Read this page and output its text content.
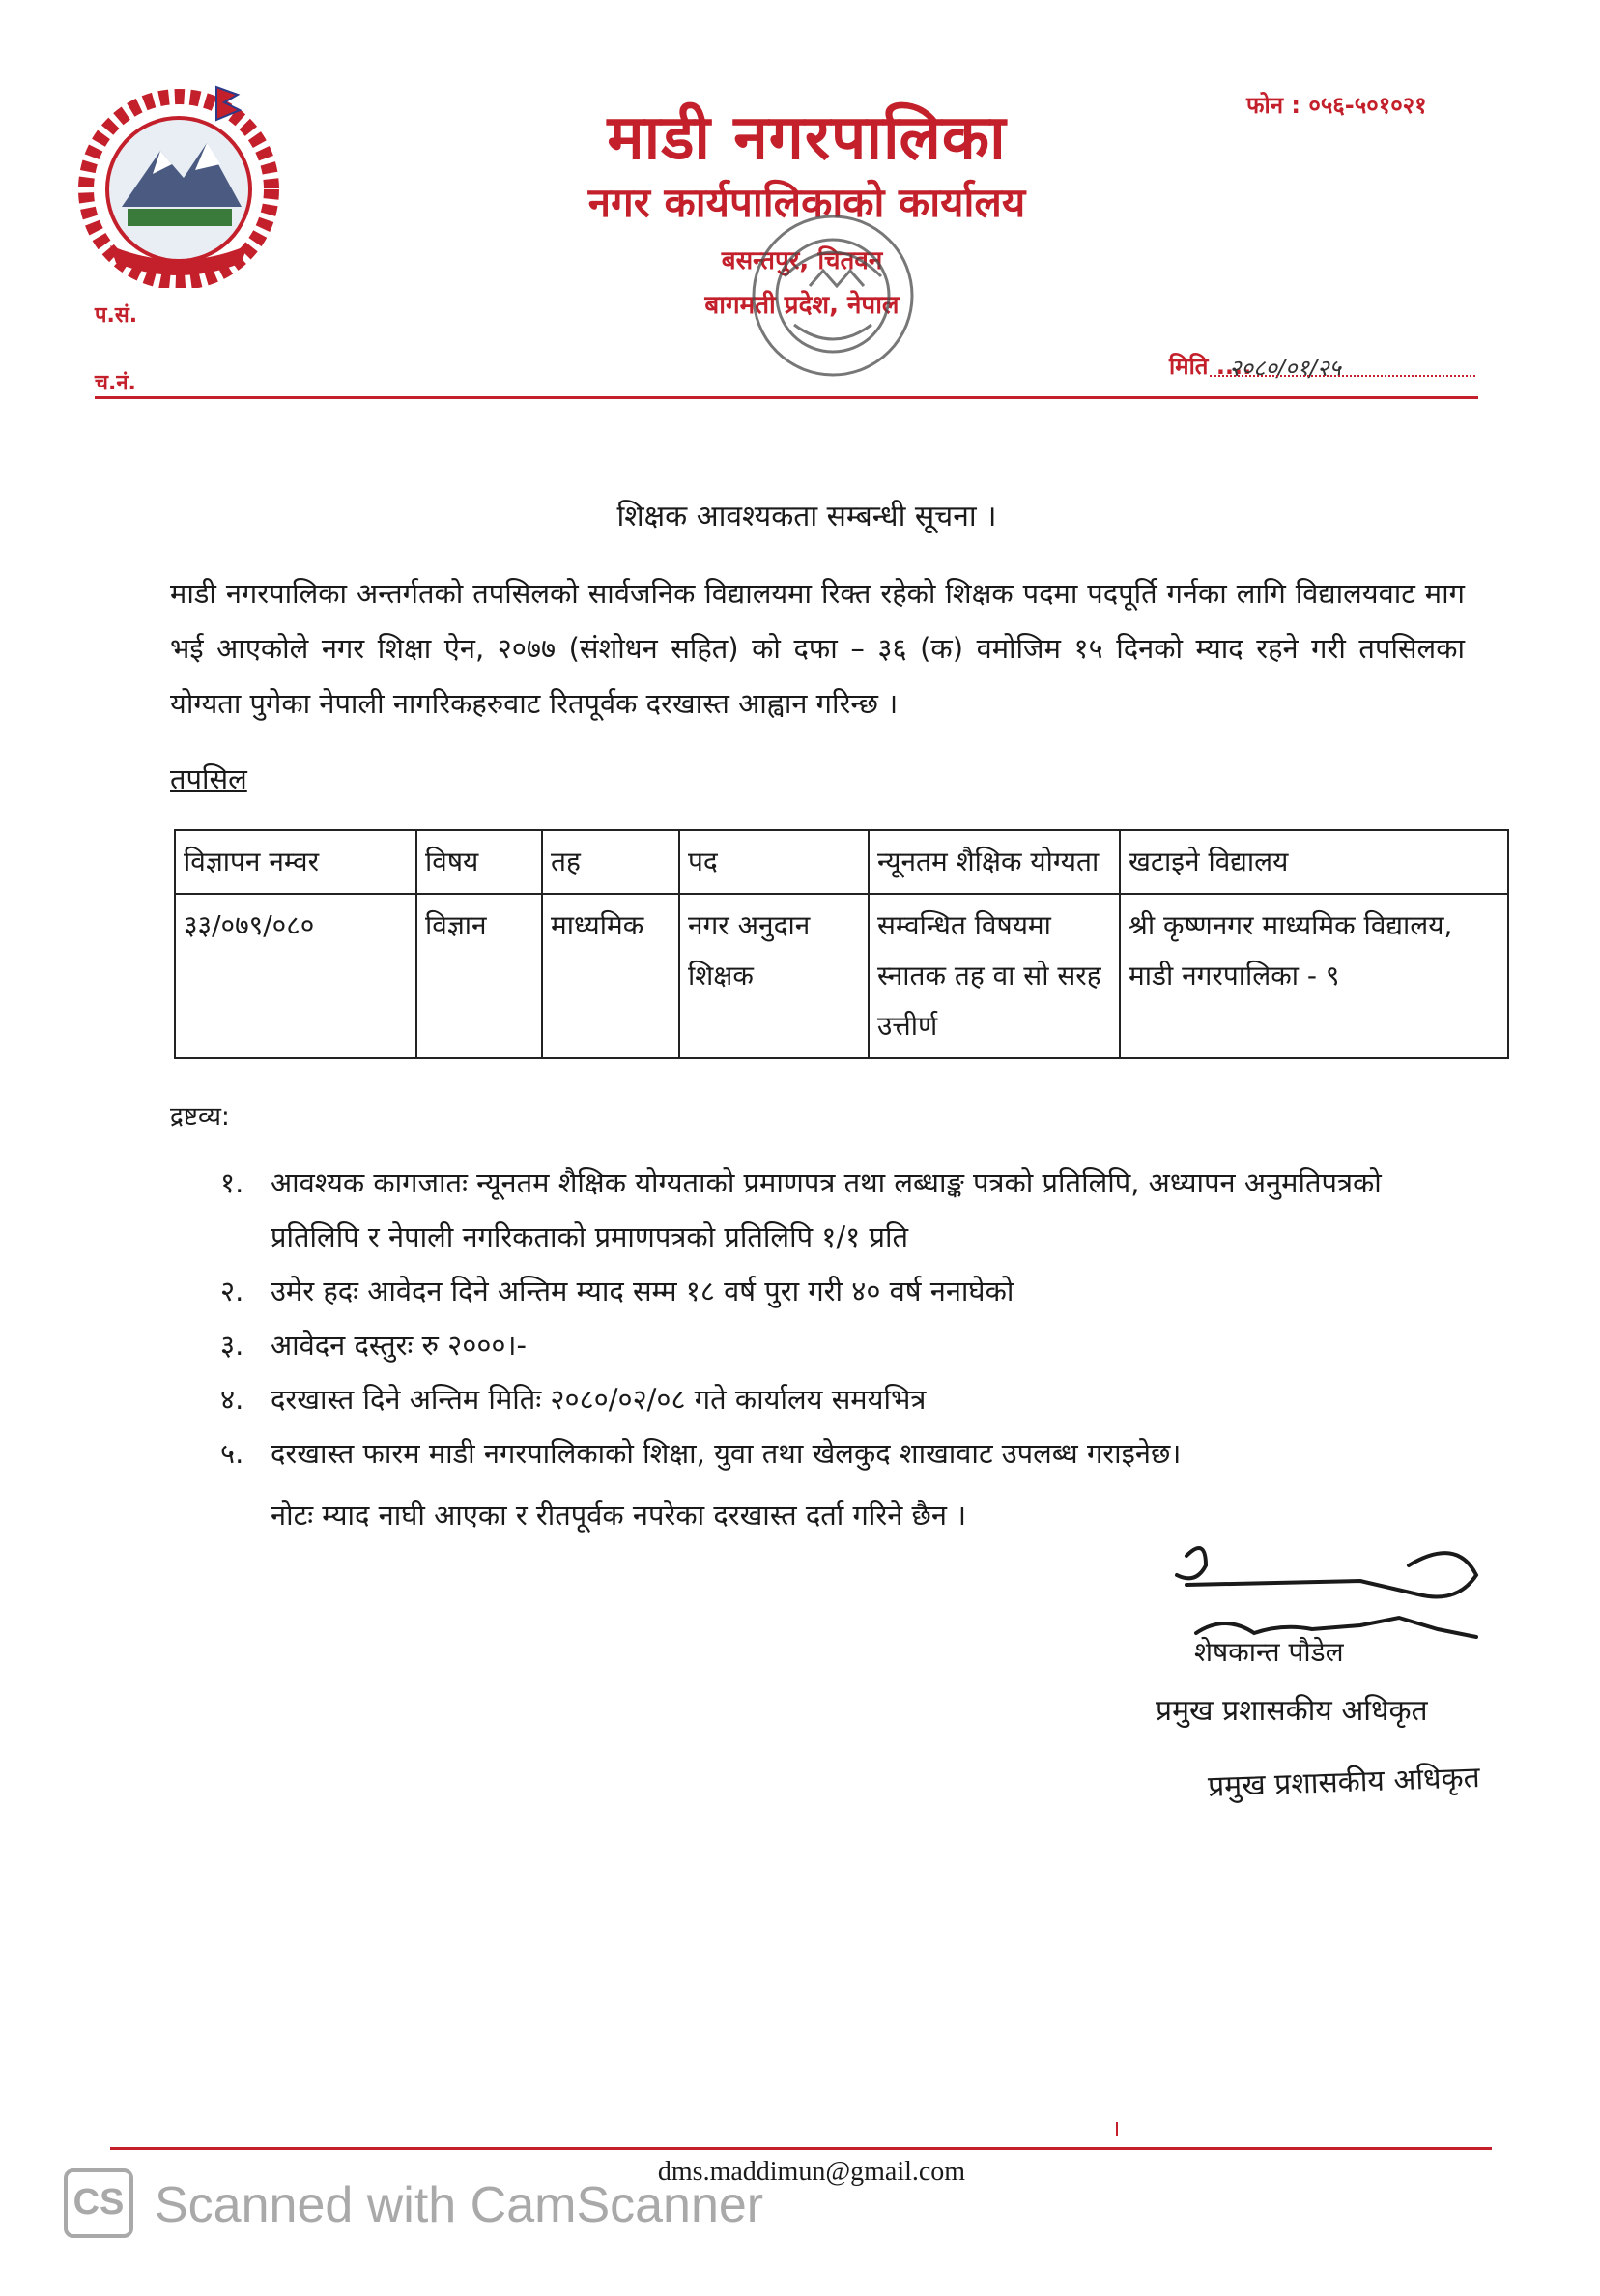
माडी नगरपालिका
नगर कार्यपालिकाको कार्यालय
बसन्तपुर, चितवन
बागमती प्रदेश, नेपाल
फोन : ०५६-५०१०२१
प.सं.
च.नं.
मिति ....
२०८०/०१/२५
शिक्षक आवश्यकता सम्बन्धी सूचना ।
माडी नगरपालिका अन्तर्गतको तपसिलको सार्वजनिक विद्यालयमा रिक्त रहेको शिक्षक पदमा पदपूर्ति गर्नका लागि विद्यालयवाट माग भई आएकोले नगर शिक्षा ऐन, २०७७ (संशोधन सहित) को दफा – ३६ (क) वमोजिम १५ दिनको म्याद रहने गरी तपसिलका योग्यता पुगेका नेपाली नागरिकहरुवाट रितपूर्वक दरखास्त आह्वान गरिन्छ ।
तपसिल
विज्ञापन नम्वर	विषय	तह	पद	न्यूनतम शैक्षिक योग्यता	खटाइने विद्यालय
३३/०७९/०८०	विज्ञान	माध्यमिक	नगर अनुदान शिक्षक	सम्वन्धित विषयमा स्नातक तह वा सो सरह उत्तीर्ण	श्री कृष्णनगर माध्यमिक विद्यालय, माडी नगरपालिका - ९
द्रष्टव्य:
१. आवश्यक कागजातः न्यूनतम शैक्षिक योग्यताको प्रमाणपत्र तथा लब्धाङ्क पत्रको प्रतिलिपि, अध्यापन अनुमतिपत्रको प्रतिलिपि र नेपाली नगरिकताको प्रमाणपत्रको प्रतिलिपि १/१ प्रति
२. उमेर हदः आवेदन दिने अन्तिम म्याद सम्म १८ वर्ष पुरा गरी ४० वर्ष ननाघेको
३. आवेदन दस्तुरः रु २०००।-
४. दरखास्त दिने अन्तिम मितिः २०८०/०२/०८ गते कार्यालय समयभित्र
५. दरखास्त फारम माडी नगरपालिकाको शिक्षा, युवा तथा खेलकुद शाखावाट उपलब्ध गराइनेछ।
नोटः म्याद नाघी आएका र रीतपूर्वक नपरेका दरखास्त दर्ता गरिने छैन ।
शेषकान्त पौडेल
प्रमुख प्रशासकीय अधिकृत
प्रमुख प्रशासकीय अधिकृत
dms.maddimun@gmail.com
CS Scanned with CamScanner
